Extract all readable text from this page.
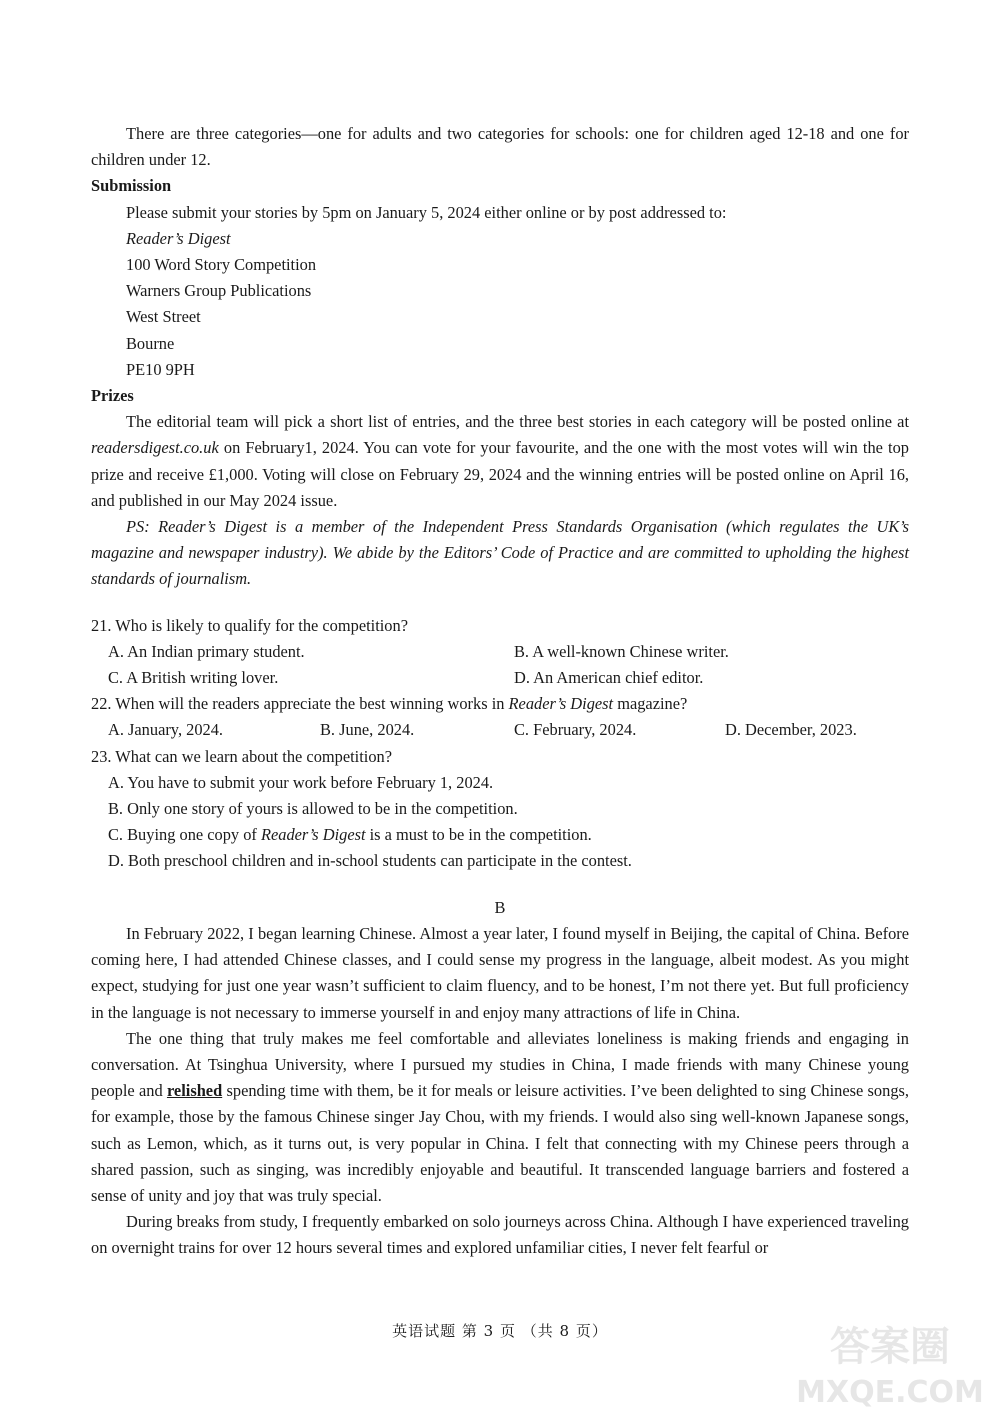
There are three categories—one for adults and two categories for schools: one for children aged 12-18 and one for children under 12.

Submission

Please submit your stories by 5pm on January 5, 2024 either online or by post addressed to:

Reader’s Digest

100 Word Story Competition

Warners Group Publications

West Street

Bourne

PE10 9PH

Prizes

The editorial team will pick a short list of entries, and the three best stories in each category will be posted online at readersdigest.co.uk on February1, 2024. You can vote for your favourite, and the one with the most votes will win the top prize and receive £1,000. Voting will close on February 29, 2024 and the winning entries will be posted online on April 16, and published in our May 2024 issue.

PS: Reader’s Digest is a member of the Independent Press Standards Organisation (which regulates the UK’s magazine and newspaper industry). We abide by the Editors’ Code of Practice and are committed to upholding the highest standards of journalism.

21. Who is likely to qualify for the competition?

A. An Indian primary student.	B. A well-known Chinese writer.
C. A British writing lover.	D. An American chief editor.

22. When will the readers appreciate the best winning works in Reader’s Digest magazine?

A. January, 2024.	B. June, 2024.	C. February, 2024.	D. December, 2023.

23. What can we learn about the competition?

A. You have to submit your work before February 1, 2024.

B. Only one story of yours is allowed to be in the competition.

C. Buying one copy of Reader’s Digest is a must to be in the competition.

D. Both preschool children and in-school students can participate in the contest.

B

In February 2022, I began learning Chinese. Almost a year later, I found myself in Beijing, the capital of China. Before coming here, I had attended Chinese classes, and I could sense my progress in the language, albeit modest. As you might expect, studying for just one year wasn’t sufficient to claim fluency, and to be honest, I’m not there yet. But full proficiency in the language is not necessary to immerse yourself in and enjoy many attractions of life in China.

The one thing that truly makes me feel comfortable and alleviates loneliness is making friends and engaging in conversation. At Tsinghua University, where I pursued my studies in China, I made friends with many Chinese young people and relished spending time with them, be it for meals or leisure activities. I’ve been delighted to sing Chinese songs, for example, those by the famous Chinese singer Jay Chou, with my friends. I would also sing well-known Japanese songs, such as Lemon, which, as it turns out, is very popular in China. I felt that connecting with my Chinese peers through a shared passion, such as singing, was incredibly enjoyable and beautiful. It transcended language barriers and fostered a sense of unity and joy that was truly special.

During breaks from study, I frequently embarked on solo journeys across China. Although I have experienced traveling on overnight trains for over 12 hours several times and explored unfamiliar cities, I never felt fearful or

英语试题 第 3 页 （共 8 页）	答案圈
MXQE.COM
